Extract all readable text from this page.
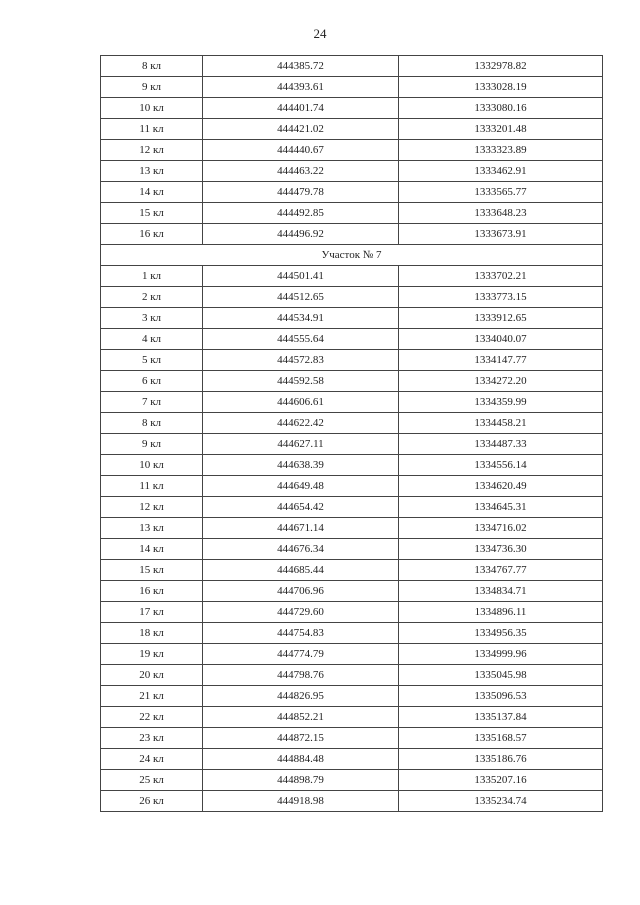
24
8 кл	444385.72	1332978.82
9 кл	444393.61	1333028.19
10 кл	444401.74	1333080.16
11 кл	444421.02	1333201.48
12 кл	444440.67	1333323.89
13 кл	444463.22	1333462.91
14 кл	444479.78	1333565.77
15 кл	444492.85	1333648.23
16 кл	444496.92	1333673.91
Участок № 7		
1 кл	444501.41	1333702.21
2 кл	444512.65	1333773.15
3 кл	444534.91	1333912.65
4 кл	444555.64	1334040.07
5 кл	444572.83	1334147.77
6 кл	444592.58	1334272.20
7 кл	444606.61	1334359.99
8 кл	444622.42	1334458.21
9 кл	444627.11	1334487.33
10 кл	444638.39	1334556.14
11 кл	444649.48	1334620.49
12 кл	444654.42	1334645.31
13 кл	444671.14	1334716.02
14 кл	444676.34	1334736.30
15 кл	444685.44	1334767.77
16 кл	444706.96	1334834.71
17 кл	444729.60	1334896.11
18 кл	444754.83	1334956.35
19 кл	444774.79	1334999.96
20 кл	444798.76	1335045.98
21 кл	444826.95	1335096.53
22 кл	444852.21	1335137.84
23 кл	444872.15	1335168.57
24 кл	444884.48	1335186.76
25 кл	444898.79	1335207.16
26 кл	444918.98	1335234.74
